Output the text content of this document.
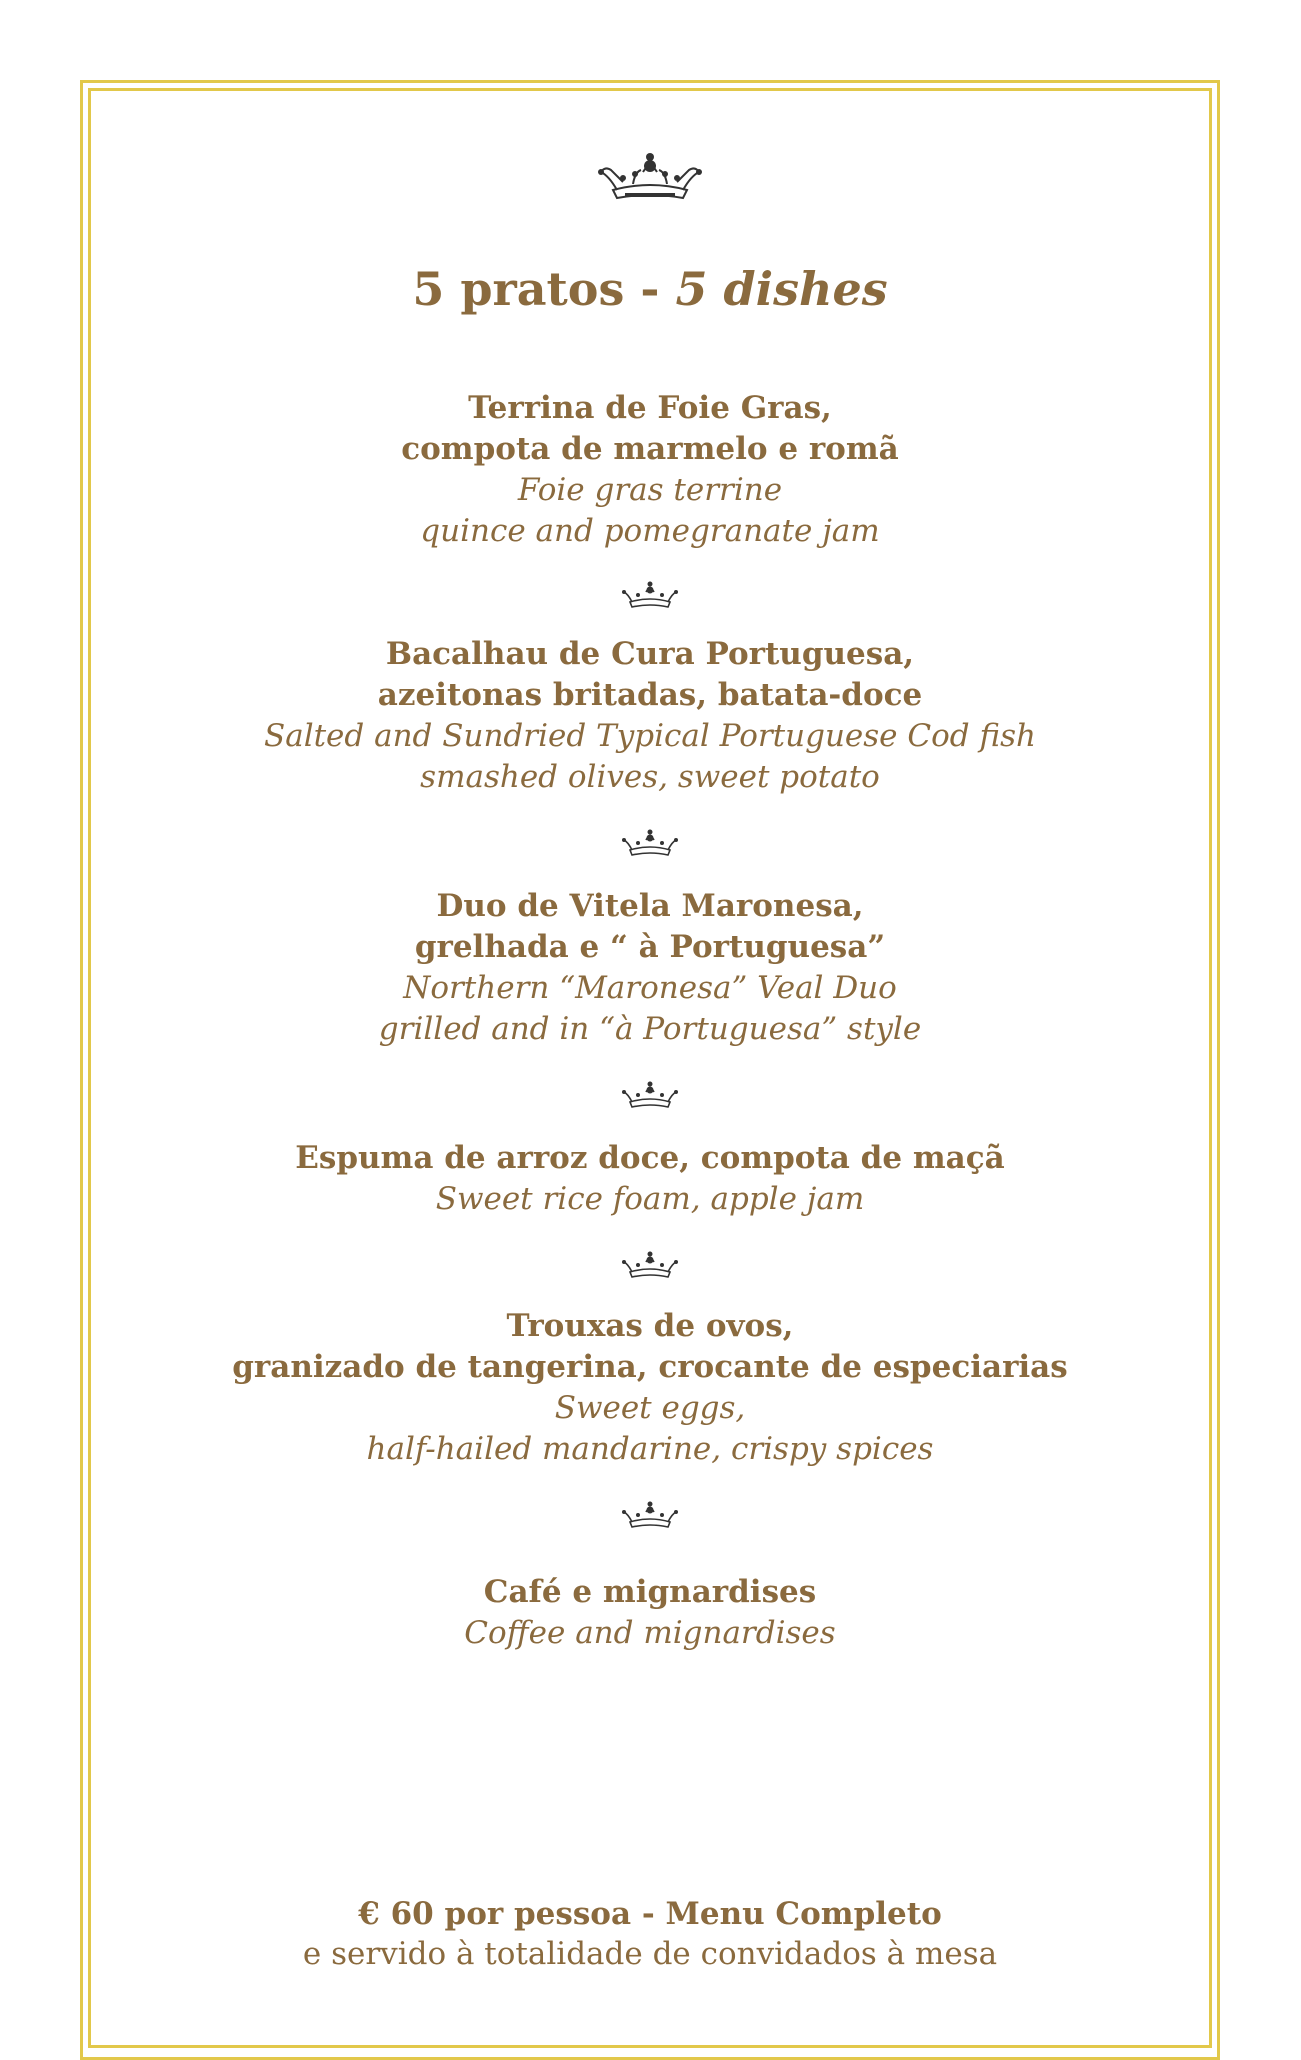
5 pratos - 5 dishes
Terrina de Foie Gras,
compota de marmelo e romã
Foie gras terrine
quince and pomegranate jam
Bacalhau de Cura Portuguesa,
azeitonas britadas, batata-doce
Salted and Sundried Typical Portuguese Cod fish
smashed olives, sweet potato
Duo de Vitela Maronesa,
grelhada e “ à Portuguesa”
Northern “Maronesa” Veal Duo
grilled and in “à Portuguesa” style
Espuma de arroz doce, compota de maçã
Sweet rice foam, apple jam
Trouxas de ovos,
granizado de tangerina, crocante de especiarias
Sweet eggs,
half-hailed mandarine, crispy spices
Café e mignardises
Coffee and mignardises
€ 60 por pessoa - Menu Completo
e servido à totalidade de convidados à mesa
